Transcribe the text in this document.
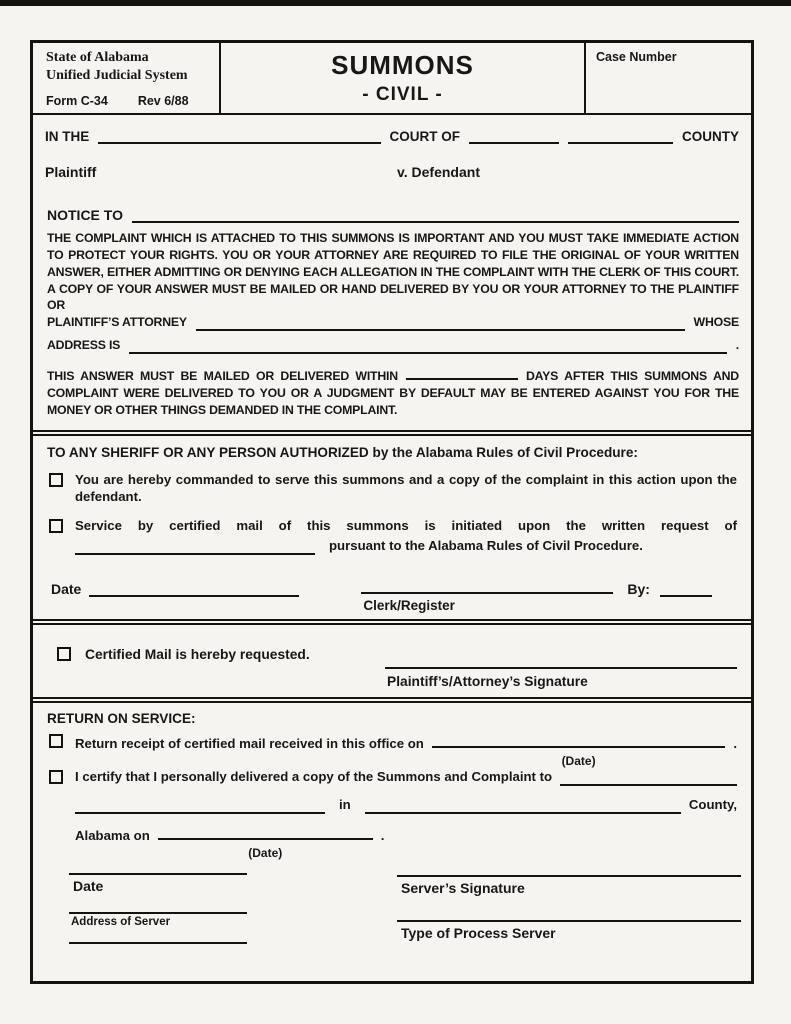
State of Alabama
Unified Judicial System
Form C-34 Rev 6/88
SUMMONS
- CIVIL -
Case Number
IN THE	COURT OF	COUNTY
Plaintiff	v. Defendant
NOTICE TO

THE COMPLAINT WHICH IS ATTACHED TO THIS SUMMONS IS IMPORTANT AND YOU MUST TAKE IMMEDIATE ACTION TO PROTECT YOUR RIGHTS. YOU OR YOUR ATTORNEY ARE REQUIRED TO FILE THE ORIGINAL OF YOUR WRITTEN ANSWER, EITHER ADMITTING OR DENYING EACH ALLEGATION IN THE COMPLAINT WITH THE CLERK OF THIS COURT. A COPY OF YOUR ANSWER MUST BE MAILED OR HAND DELIVERED BY YOU OR YOUR ATTORNEY TO THE PLAINTIFF OR

PLAINTIFF’S ATTORNEY	WHOSE
ADDRESS IS	.

THIS ANSWER MUST BE MAILED OR DELIVERED WITHIN	DAYS AFTER THIS SUMMONS AND COMPLAINT WERE DELIVERED TO YOU OR A JUDGMENT BY DEFAULT MAY BE ENTERED AGAINST YOU FOR THE MONEY OR OTHER THINGS DEMANDED IN THE COMPLAINT.

TO ANY SHERIFF OR ANY PERSON AUTHORIZED by the Alabama Rules of Civil Procedure:
You are hereby commanded to serve this summons and a copy of the complaint in this action upon the defendant.
Service by certified mail of this summons is initiated upon the written request of
pursuant to the Alabama Rules of Civil Procedure.
Date
Clerk/Register
By:
Certified Mail is hereby requested.
Plaintiff’s/Attorney’s Signature
RETURN ON SERVICE:
Return receipt of certified mail received in this office on
(Date)
.
I certify that I personally delivered a copy of the Summons and Complaint to
in	County,
Alabama on
(Date)
.
Date
Address of Server
Server’s Signature
Type of Process Server
